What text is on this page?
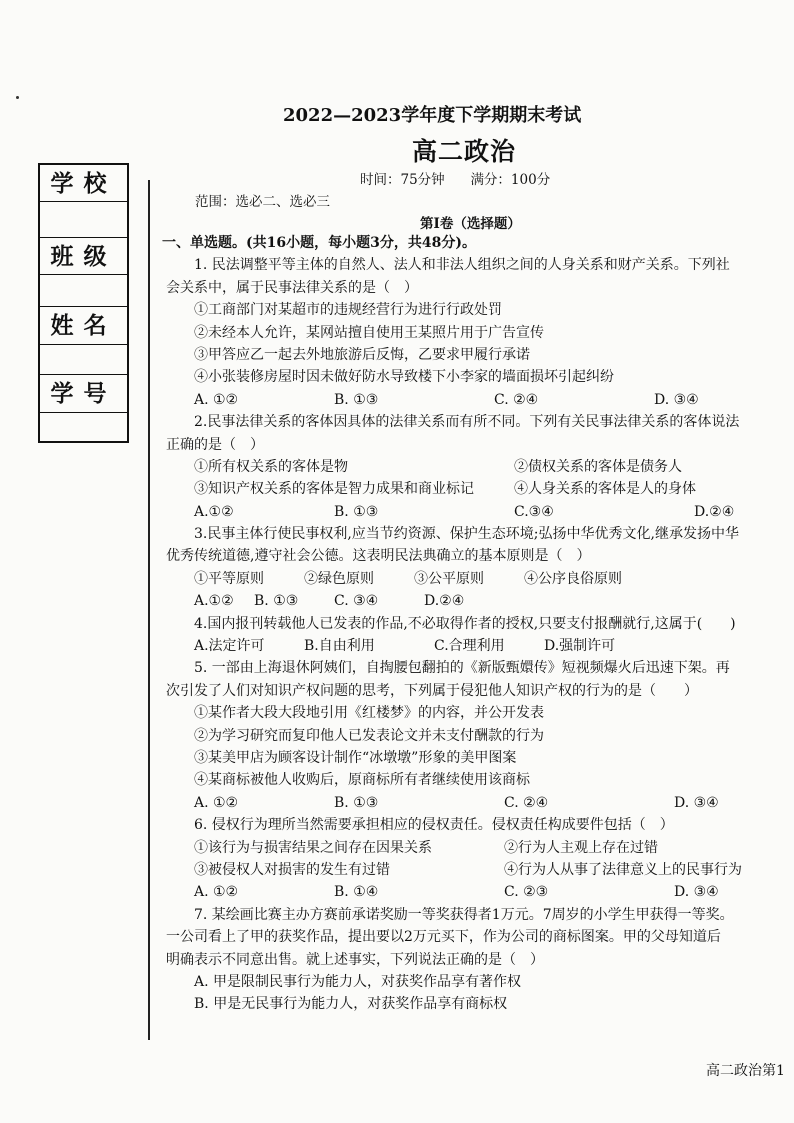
学校
班级
姓名
学号
2022—2023学年度下学期期末考试
高二政治
时间：75分钟 满分：100分
范围：选必二、选必三
第Ⅰ卷（选择题）
一、单选题。(共16小题，每小题3分，共48分)。
1. 民法调整平等主体的自然人、法人和非法人组织之间的人身关系和财产关系。下列社
会关系中，属于民事法律关系的是（　）
①工商部门对某超市的违规经营行为进行行政处罚
②未经本人允许，某网站擅自使用王某照片用于广告宣传
③甲答应乙一起去外地旅游后反悔，乙要求甲履行承诺
④小张装修房屋时因未做好防水导致楼下小李家的墙面损坏引起纠纷
A. ①②	B. ①③	C. ②④	D. ③④
2.民事法律关系的客体因具体的法律关系而有所不同。下列有关民事法律关系的客体说法
正确的是（　）
①所有权关系的客体是物	②债权关系的客体是债务人
③知识产权关系的客体是智力成果和商业标记	④人身关系的客体是人的身体
A.①②	B. ①③	C.③④	D.②④
3.民事主体行使民事权利,应当节约资源、保护生态环境;弘扬中华优秀文化,继承发扬中华
优秀传统道德,遵守社会公德。这表明民法典确立的基本原则是（　）
①平等原则	②绿色原则	③公平原则	④公序良俗原则
A.①②	B. ①③	C. ③④	D.②④
4.国内报刊转载他人已发表的作品,不必取得作者的授权,只要支付报酬就行,这属于(　　)
A.法定许可	B.自由利用	C.合理利用	D.强制许可
5. 一部由上海退休阿姨们，自掏腰包翻拍的《新版甄嬛传》短视频爆火后迅速下架。再
次引发了人们对知识产权问题的思考，下列属于侵犯他人知识产权的行为的是（　　）
①某作者大段大段地引用《红楼梦》的内容，并公开发表
②为学习研究而复印他人已发表论文并未支付酬款的行为
③某美甲店为顾客设计制作“冰墩墩”形象的美甲图案
④某商标被他人收购后，原商标所有者继续使用该商标
A. ①②	B. ①③	C. ②④	D. ③④
6. 侵权行为理所当然需要承担相应的侵权责任。侵权责任构成要件包括（　）
①该行为与损害结果之间存在因果关系	②行为人主观上存在过错
③被侵权人对损害的发生有过错	④行为人从事了法律意义上的民事行为
A. ①②	B. ①④	C. ②③	D. ③④
7. 某绘画比赛主办方赛前承诺奖励一等奖获得者1万元。7周岁的小学生甲获得一等奖。
一公司看上了甲的获奖作品，提出要以2万元买下，作为公司的商标图案。甲的父母知道后
明确表示不同意出售。就上述事实，下列说法正确的是（　）
A. 甲是限制民事行为能力人，对获奖作品享有著作权
B. 甲是无民事行为能力人，对获奖作品享有商标权
高二政治第1
